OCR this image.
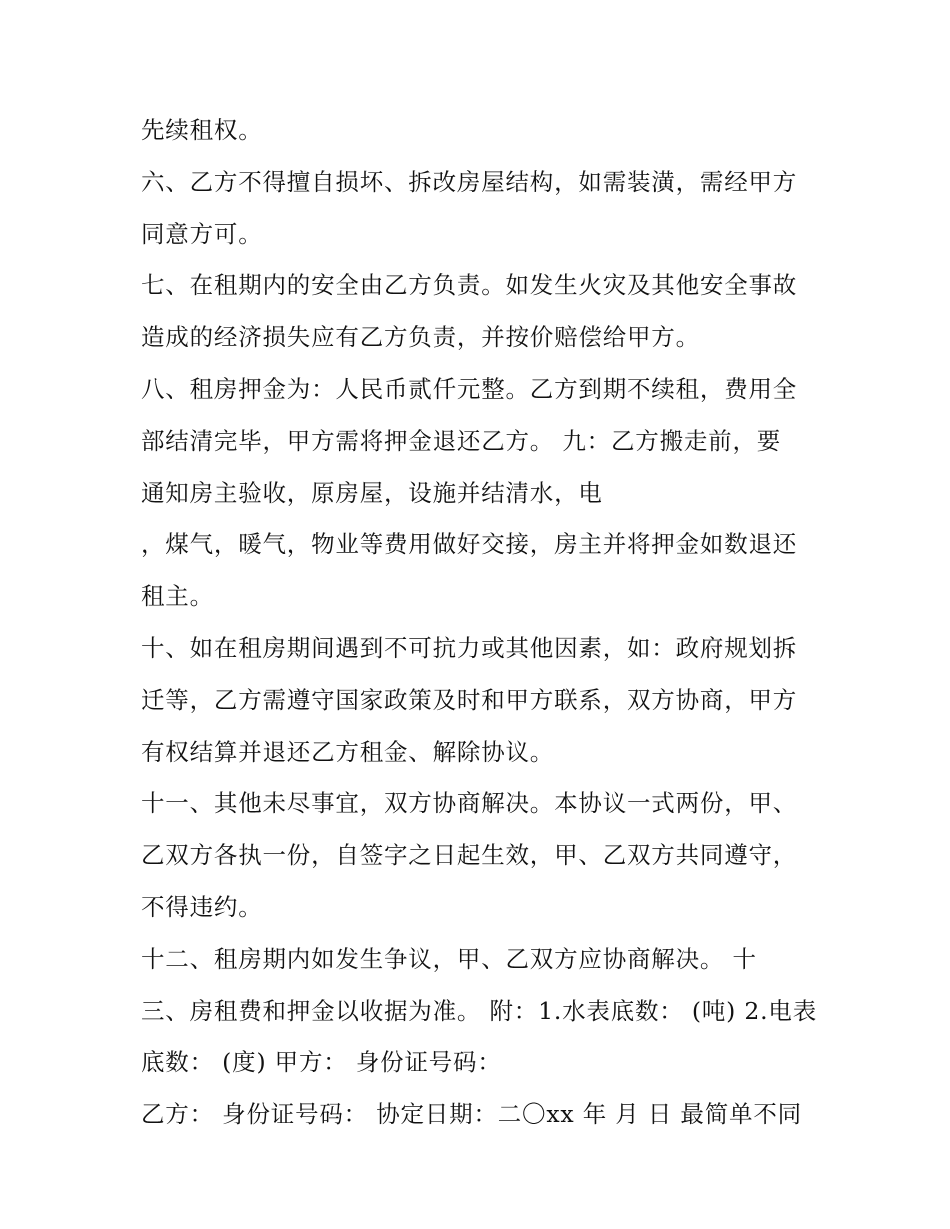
先续租权。
六、乙方不得擅自损坏、拆改房屋结构，如需装潢，需经甲方
同意方可。
七、在租期内的安全由乙方负责。如发生火灾及其他安全事故
造成的经济损失应有乙方负责，并按价赔偿给甲方。
八、租房押金为：人民币贰仟元整。乙方到期不续租，费用全
部结清完毕，甲方需将押金退还乙方。 九：乙方搬走前，要
通知房主验收，原房屋，设施并结清水，电
，煤气，暖气，物业等费用做好交接，房主并将押金如数退还
租主。
十、如在租房期间遇到不可抗力或其他因素，如：政府规划拆
迁等，乙方需遵守国家政策及时和甲方联系，双方协商，甲方
有权结算并退还乙方租金、解除协议。
十一、其他未尽事宜，双方协商解决。本协议一式两份，甲、
乙双方各执一份，自签字之日起生效，甲、乙双方共同遵守，
不得违约。
十二、租房期内如发生争议，甲、乙双方应协商解决。 十
三、房租费和押金以收据为准。 附：1.水表底数： (吨) 2.电表
底数： (度) 甲方： 身份证号码：
乙方： 身份证号码： 协定日期：二〇xx 年 月 日 最简单不同
